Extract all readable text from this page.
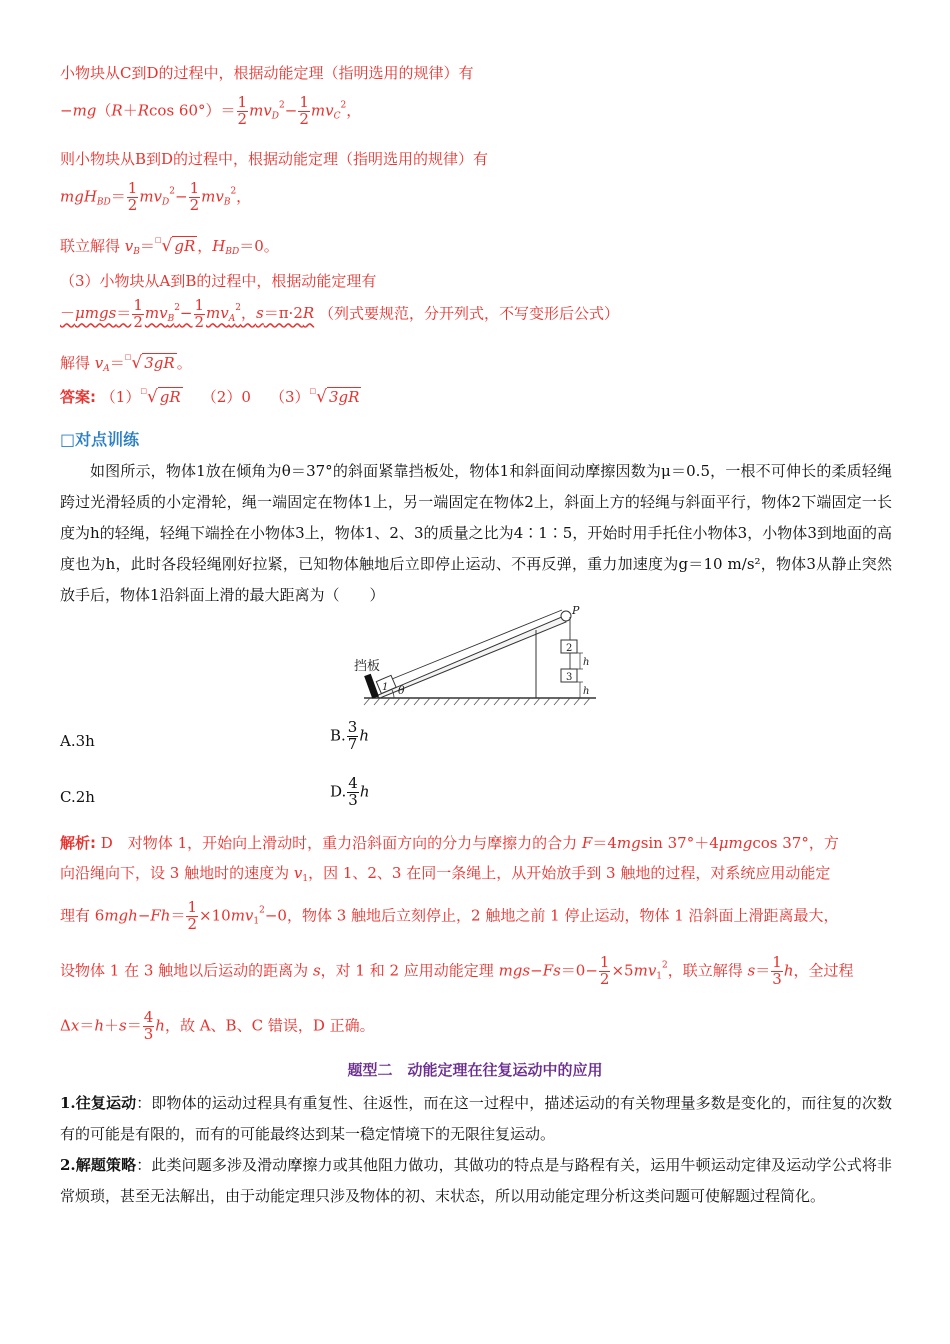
小物块从C到D的过程中，根据动能定理（指明选用的规律）有
−mg（R＋Rcos $60^\circ)= \frac{1}{2} mv_D^2- \frac{1}{2} mv_C^2$，
则小物块从B到D的过程中，根据动能定理（指明选用的规律）有
$mgH_{BD}= \frac{1}{2} mv_D^2- \frac{1}{2} mv_B^2$，
联立解得 $v_B=^□√$ gR ，$H_{BD}=0$。
（3）小物块从A到B的过程中，根据动能定理有
$-\mu mgs= \frac{1}{2} mv_B^2- \frac{1}{2} mv_A^2$，s＝π·2R （列式要规范，分开列式，不写变形后公式）
解得 $v_A=^□√$ 3gR 。
答案: （1）□√ gR （2）0 （3）□√ 3gR
□对点训练
如图所示，物体1放在倾角为θ＝37°的斜面紧靠挡板处，物体1和斜面间动摩擦因数为μ＝0.5，一根不可伸长的柔质轻绳跨过光滑轻质的小定滑轮，绳一端固定在物体1上，另一端固定在物体2上，斜面上方的轻绳与斜面平行，物体2下端固定一长度为h的轻绳，轻绳下端拴在小物体3上，物体1、2、3的质量之比为4∶1∶5，开始时用手托住小物体3，小物体3到地面的高度也为h，此时各段轻绳刚好拉紧，已知物体触地后立即停止运动、不再反弹，重力加速度为g＝10 m/s²，物体3从静止突然放手后，物体1沿斜面上滑的最大距离为（　　）
挡板
1 θ
P
2
3
h
h
A.3h	B. $\frac{3}{7}$ h
C.2h	D. $\frac{4}{3}$ h
解析: D　对物体 1，开始向上滑动时，重力沿斜面方向的分力与摩擦力的合力 F＝4mgsin 37°＋4μmgcos 37°，方
向沿绳向下，设 3 触地时的速度为 $v_1$，因 1、2、3 在同一条绳上，从开始放手到 3 触地的过程，对系统应用动能定
理有 $6mgh-Fh= \frac{1}{2} \times 10mv_1^2-0$，物体 3 触地后立刻停止，2 触地之前 1 停止运动，物体 1 沿斜面上滑距离最大，
设物体 1 在 3 触地以后运动的距离为 s，对 1 和 2 应用动能定理 $mgs-Fs=0- \frac{1}{2} \times 5mv_1^2$，联立解得 $s= \frac{1}{3}$ h，全过程
$\Delta x=h+s= \frac{4}{3}$ h，故 A、B、C 错误，D 正确。
题型二　动能定理在往复运动中的应用
1.往复运动：即物体的运动过程具有重复性、往返性，而在这一过程中，描述运动的有关物理量多数是变化的，而往复的次数有的可能是有限的，而有的可能最终达到某一稳定情境下的无限往复运动。
2.解题策略：此类问题多涉及滑动摩擦力或其他阻力做功，其做功的特点是与路程有关，运用牛顿运动定律及运动学公式将非常烦琐，甚至无法解出，由于动能定理只涉及物体的初、末状态，所以用动能定理分析这类问题可使解题过程简化。
